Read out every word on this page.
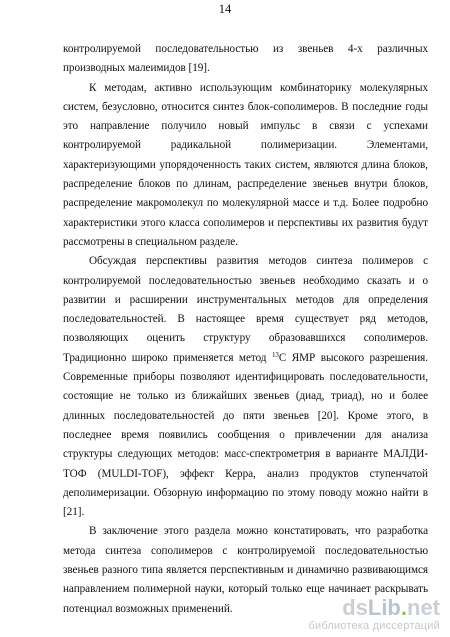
14

контролируемой последовательностью из звеньев 4-х различных производных малеимидов [19].

К методам, активно использующим комбинаторику молекулярных систем, безусловно, относится синтез блок-сополимеров. В последние годы это направление получило новый импульс в связи с успехами контролируемой радикальной полимеризации. Элементами, характеризующими упорядоченность таких систем, являются длина блоков, распределение блоков по длинам, распределение звеньев внутри блоков, распределение макромолекул по молекулярной массе и т.д. Более подробно характеристики этого класса сополимеров и перспективы их развития будут рассмотрены в специальном разделе.

Обсуждая перспективы развития методов синтеза полимеров с контролируемой последовательностью звеньев необходимо сказать и о развитии и расширении инструментальных методов для определения последовательностей. В настоящее время существует ряд методов, позволяющих оценить структуру образовавшихся сополимеров. Традиционно широко применяется метод $^{13}$С ЯМР высокого разрешения. Современные приборы позволяют идентифицировать последовательности, состоящие не только из ближайших звеньев (диад, триад), но и более длинных последовательностей до пяти звеньев [20]. Кроме этого, в последнее время появились сообщения о привлечении для анализа структуры следующих методов: масс-спектрометрия в варианте МАЛДИ-ТОФ (MULDI-TOF), эффект Керра, анализ продуктов ступенчатой деполимеризации. Обзорную информацию по этому поводу можно найти в [21].

В заключение этого раздела можно констатировать, что разработка метода синтеза сополимеров с контролируемой последовательностью звеньев разного типа является перспективным и динамично развивающимся направлением полимерной науки, который только еще начинает раскрывать потенциал возможных применений.	ds Lib . net
библиотека диссертаций
